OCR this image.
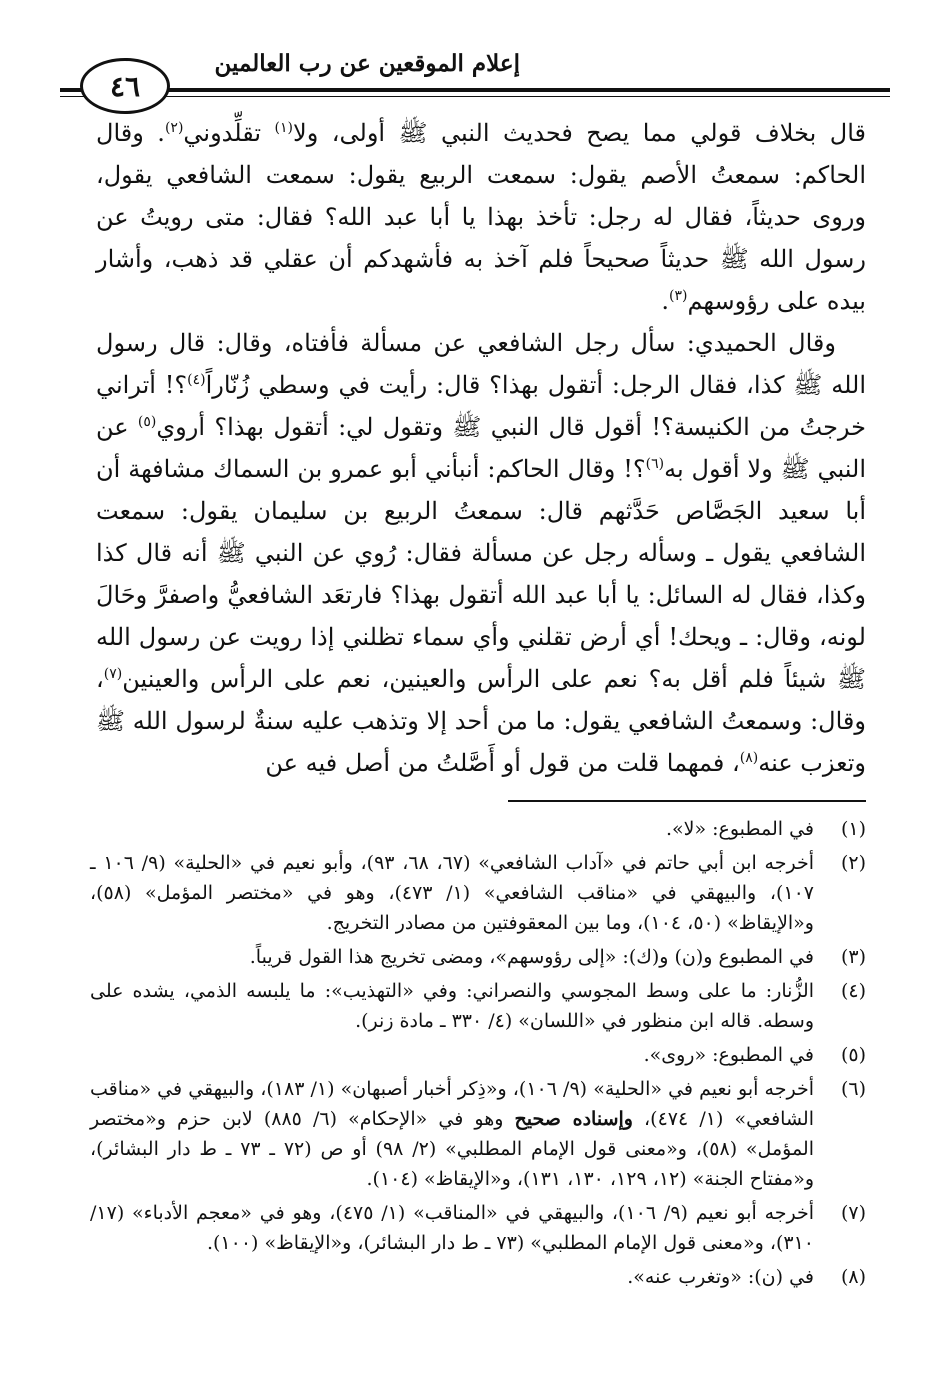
إعلام الموقعين عن رب العالمين
٤٦

قال بخلاف قولي مما يصح فحديث النبي ﷺ أولى، ولا$^{(١)}$ تقلِّدوني$^{(٢)}$. وقال الحاكم: سمعتُ الأصم يقول: سمعت الربيع يقول: سمعت الشافعي يقول، وروى حديثاً، فقال له رجل: تأخذ بهذا يا أبا عبد الله؟ فقال: متى رويتُ عن رسول الله ﷺ حديثاً صحيحاً فلم آخذ به فأشهدكم أن عقلي قد ذهب، وأشار بيده على رؤوسهم$^{(٣)}$.

وقال الحميدي: سأل رجل الشافعي عن مسألة فأفتاه، وقال: قال رسول الله ﷺ كذا، فقال الرجل: أتقول بهذا؟ قال: رأيت في وسطي زُنّاراً$^{(٤)}$؟! أتراني خرجتُ من الكنيسة؟! أقول قال النبي ﷺ وتقول لي: أتقول بهذا؟ أروي$^{(٥)}$ عن النبي ﷺ ولا أقول به$^{(٦)}$؟! وقال الحاكم: أنبأني أبو عمرو بن السماك مشافهة أن أبا سعيد الجَصَّاص حَدَّثهم قال: سمعتُ الربيع بن سليمان يقول: سمعت الشافعي يقول ـ وسأله رجل عن مسألة فقال: رُوي عن النبي ﷺ أنه قال كذا وكذا، فقال له السائل: يا أبا عبد الله أتقول بهذا؟ فارتعَد الشافعيُّ واصفرَّ وحَالَ لونه، وقال: ـ ويحك! أي أرض تقلني وأي سماء تظلني إذا رويت عن رسول الله ﷺ شيئاً فلم أقل به؟ نعم على الرأس والعينين، نعم على الرأس والعينين$^{(٧)}$، وقال: وسمعتُ الشافعي يقول: ما من أحد إلا وتذهب عليه سنةٌ لرسول الله ﷺ وتعزب عنه$^{(٨)}$، فمهما قلت من قول أو أَصَّلتُ من أصل فيه عن

(١)
في المطبوع: «لا».
(٢)
أخرجه ابن أبي حاتم في «آداب الشافعي» (٦٧، ٦٨، ٩٣)، وأبو نعيم في «الحلية» (٩/ ١٠٦ ـ ١٠٧)، والبيهقي في «مناقب الشافعي» (١/ ٤٧٣)، وهو في «مختصر المؤمل» (٥٨)، و«الإيقاظ» (٥٠، ١٠٤)، وما بين المعقوفتين من مصادر التخريج.
(٣)
في المطبوع و(ن) و(ك): «إلى رؤوسهم»، ومضى تخريج هذا القول قريباً.
(٤)
الزُّنار: ما على وسط المجوسي والنصراني: وفي «التهذيب»: ما يلبسه الذمي، يشده على وسطه. قاله ابن منظور في «اللسان» (٤/ ٣٣٠ ـ مادة زنر).
(٥)
في المطبوع: «روى».
(٦)
أخرجه أبو نعيم في «الحلية» (٩/ ١٠٦)، و«ذِكر أخبار أصبهان» (١/ ١٨٣)، والبيهقي في «مناقب الشافعي» (١/ ٤٧٤)، وإسناده صحيح وهو في «الإحكام» (٦/ ٨٨٥) لابن حزم و«مختصر المؤمل» (٥٨)، و«معنى قول الإمام المطلبي» (٢/ ٩٨) أو ص (٧٢ ـ ٧٣ ـ ط دار البشائر)، و«مفتاح الجنة» (١٢، ١٢٩، ١٣٠، ١٣١)، و«الإيقاظ» (١٠٤).
(٧)
أخرجه أبو نعيم (٩/ ١٠٦)، والبيهقي في «المناقب» (١/ ٤٧٥)، وهو في «معجم الأدباء» (١٧/ ٣١٠)، و«معنى قول الإمام المطلبي» (٧٣ ـ ط دار البشائر)، و«الإيقاظ» (١٠٠).
(٨)
في (ن): «وتغرب عنه».
